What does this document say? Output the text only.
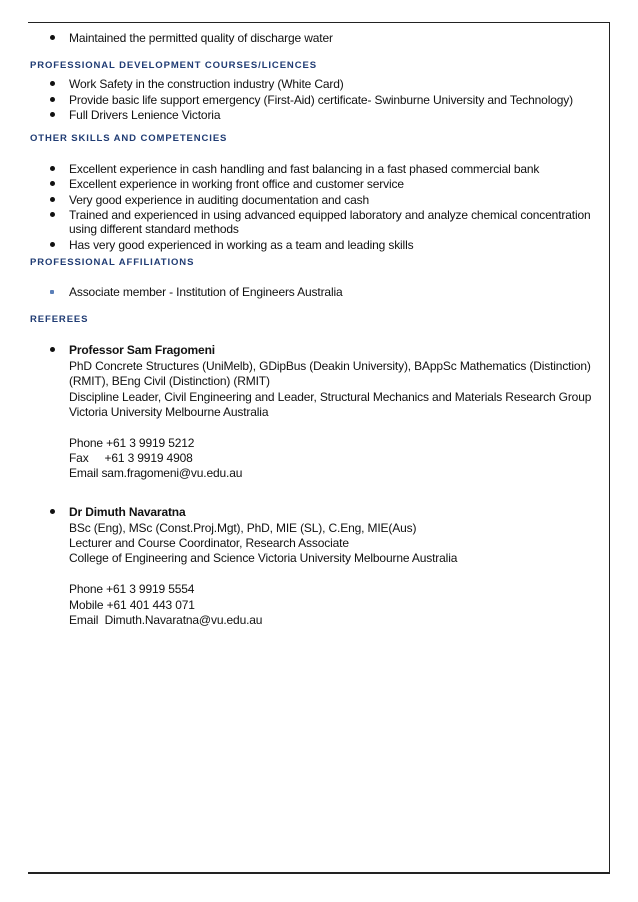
Maintained the permitted quality of discharge water
PROFESSIONAL DEVELOPMENT COURSES/LICENCES
Work Safety in the construction industry (White Card)
Provide basic life support emergency (First-Aid) certificate- Swinburne University and Technology)
Full Drivers Lenience Victoria
OTHER SKILLS AND COMPETENCIES
Excellent experience in cash handling and fast balancing in a fast phased commercial bank
Excellent experience in working front office and customer service
Very good experience in auditing documentation and cash
Trained and experienced in using advanced equipped laboratory and analyze chemical concentration using different standard methods
Has very good experienced in working as a team and leading skills
PROFESSIONAL AFFILIATIONS
Associate member - Institution of Engineers Australia
REFEREES
Professor Sam Fragomeni
PhD Concrete Structures (UniMelb), GDipBus (Deakin University), BAppSc Mathematics (Distinction)
(RMIT), BEng Civil (Distinction) (RMIT)
Discipline Leader, Civil Engineering and Leader, Structural Mechanics and Materials Research Group
Victoria University Melbourne Australia
Phone +61 3 9919 5212
Fax     +61 3 9919 4908
Email sam.fragomeni@vu.edu.au
Dr Dimuth Navaratna
BSc (Eng), MSc (Const.Proj.Mgt), PhD, MIE (SL), C.Eng, MIE(Aus)
Lecturer and Course Coordinator, Research Associate
College of Engineering and Science Victoria University Melbourne Australia
Phone +61 3 9919 5554
Mobile +61 401 443 071
Email  Dimuth.Navaratna@vu.edu.au
